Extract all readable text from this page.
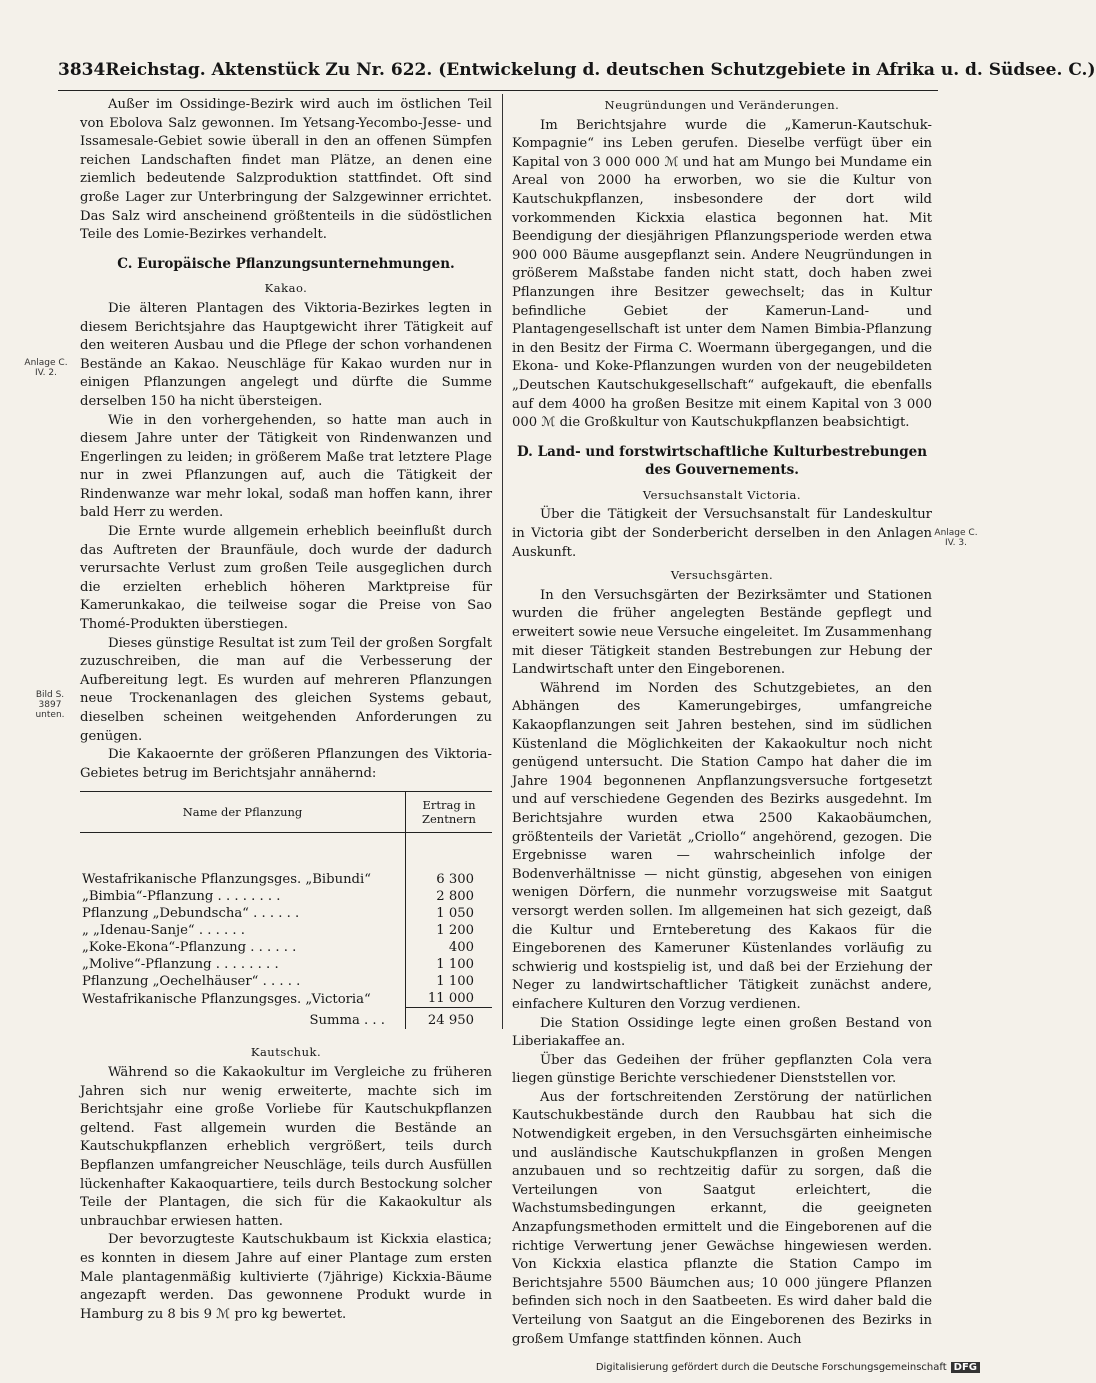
3834 Reichstag. Aktenstück Zu Nr. 622. (Entwickelung d. deutschen Schutzgebiete in Afrika u. d. Südsee. C.)
Anlage C. IV. 2.
Bild S. 3897 unten.
Anlage C. IV. 3.

Außer im Ossidinge-Bezirk wird auch im östlichen Teil von Ebolova Salz gewonnen. Im Yetsang-Yecombo-Jesse- und Issamesale-Gebiet sowie überall in den an offenen Sümpfen reichen Landschaften findet man Plätze, an denen eine ziemlich bedeutende Salzproduktion stattfindet. Oft sind große Lager zur Unterbringung der Salzgewinner errichtet. Das Salz wird anscheinend größtenteils in die südöstlichen Teile des Lomie-Bezirkes verhandelt.

C. Europäische Pflanzungsunternehmungen.
Kakao.

Die älteren Plantagen des Viktoria-Bezirkes legten in diesem Berichtsjahre das Hauptgewicht ihrer Tätigkeit auf den weiteren Ausbau und die Pflege der schon vorhandenen Bestände an Kakao. Neuschläge für Kakao wurden nur in einigen Pflanzungen angelegt und dürfte die Summe derselben 150 ha nicht übersteigen.

Wie in den vorhergehenden, so hatte man auch in diesem Jahre unter der Tätigkeit von Rindenwanzen und Engerlingen zu leiden; in größerem Maße trat letztere Plage nur in zwei Pflanzungen auf, auch die Tätigkeit der Rindenwanze war mehr lokal, sodaß man hoffen kann, ihrer bald Herr zu werden.

Die Ernte wurde allgemein erheblich beeinflußt durch das Auftreten der Braunfäule, doch wurde der dadurch verursachte Verlust zum großen Teile ausgeglichen durch die erzielten erheblich höheren Marktpreise für Kamerunkakao, die teilweise sogar die Preise von Sao Thomé-Produkten überstiegen.

Dieses günstige Resultat ist zum Teil der großen Sorgfalt zuzuschreiben, die man auf die Verbesserung der Aufbereitung legt. Es wurden auf mehreren Pflanzungen neue Trockenanlagen des gleichen Systems gebaut, dieselben scheinen weitgehenden Anforderungen zu genügen.

Die Kakaoernte der größeren Pflanzungen des Viktoria-Gebietes betrug im Berichtsjahr annähernd:

Name der Pflanzung	Ertrag in Zentnern

Westafrikanische Pflanzungsges. „Bibundi“	6 300
„Bimbia“-Pflanzung . . . . . . . .	2 800
Pflanzung „Debundscha“ . . . . . .	1 050
„ „Idenau-Sanje“ . . . . . .	1 200
„Koke-Ekona“-Pflanzung . . . . . .	400
„Molive“-Pflanzung . . . . . . . .	1 100
Pflanzung „Oechelhäuser“ . . . . .	1 100
Westafrikanische Pflanzungsges. „Victoria“	11 000
Summa . . .	24 950
Kautschuk.

Während so die Kakaokultur im Vergleiche zu früheren Jahren sich nur wenig erweiterte, machte sich im Berichtsjahr eine große Vorliebe für Kautschukpflanzen geltend. Fast allgemein wurden die Bestände an Kautschukpflanzen erheblich vergrößert, teils durch Bepflanzen umfangreicher Neuschläge, teils durch Ausfüllen lückenhafter Kakaoquartiere, teils durch Bestockung solcher Teile der Plantagen, die sich für die Kakaokultur als unbrauchbar erwiesen hatten.

Der bevorzugteste Kautschukbaum ist Kickxia elastica; es konnten in diesem Jahre auf einer Plantage zum ersten Male plantagenmäßig kultivierte (7jährige) Kickxia-Bäume angezapft werden. Das gewonnene Produkt wurde in Hamburg zu 8 bis 9 ℳ pro kg bewertet.

Neugründungen und Veränderungen.

Im Berichtsjahre wurde die „Kamerun-Kautschuk-Kompagnie“ ins Leben gerufen. Dieselbe verfügt über ein Kapital von 3 000 000 ℳ und hat am Mungo bei Mundame ein Areal von 2000 ha erworben, wo sie die Kultur von Kautschukpflanzen, insbesondere der dort wild vorkommenden Kickxia elastica begonnen hat. Mit Beendigung der diesjährigen Pflanzungsperiode werden etwa 900 000 Bäume ausgepflanzt sein. Andere Neugründungen in größerem Maßstabe fanden nicht statt, doch haben zwei Pflanzungen ihre Besitzer gewechselt; das in Kultur befindliche Gebiet der Kamerun-Land- und Plantagengesellschaft ist unter dem Namen Bimbia-Pflanzung in den Besitz der Firma C. Woermann übergegangen, und die Ekona- und Koke-Pflanzungen wurden von der neugebildeten „Deutschen Kautschukgesellschaft“ aufgekauft, die ebenfalls auf dem 4000 ha großen Besitze mit einem Kapital von 3 000 000 ℳ die Großkultur von Kautschukpflanzen beabsichtigt.

D. Land- und forstwirtschaftliche Kulturbestrebungen des Gouvernements.
Versuchsanstalt Victoria.

Über die Tätigkeit der Versuchsanstalt für Landeskultur in Victoria gibt der Sonderbericht derselben in den Anlagen Auskunft.

Versuchsgärten.

In den Versuchsgärten der Bezirksämter und Stationen wurden die früher angelegten Bestände gepflegt und erweitert sowie neue Versuche eingeleitet. Im Zusammenhang mit dieser Tätigkeit standen Bestrebungen zur Hebung der Landwirtschaft unter den Eingeborenen.

Während im Norden des Schutzgebietes, an den Abhängen des Kamerungebirges, umfangreiche Kakaopflanzungen seit Jahren bestehen, sind im südlichen Küstenland die Möglichkeiten der Kakaokultur noch nicht genügend untersucht. Die Station Campo hat daher die im Jahre 1904 begonnenen Anpflanzungsversuche fortgesetzt und auf verschiedene Gegenden des Bezirks ausgedehnt. Im Berichtsjahre wurden etwa 2500 Kakaobäumchen, größtenteils der Varietät „Criollo“ angehörend, gezogen. Die Ergebnisse waren — wahrscheinlich infolge der Bodenverhältnisse — nicht günstig, abgesehen von einigen wenigen Dörfern, die nunmehr vorzugsweise mit Saatgut versorgt werden sollen. Im allgemeinen hat sich gezeigt, daß die Kultur und Ernteberetung des Kakaos für die Eingeborenen des Kameruner Küstenlandes vorläufig zu schwierig und kostspielig ist, und daß bei der Erziehung der Neger zu landwirtschaftlicher Tätigkeit zunächst andere, einfachere Kulturen den Vorzug verdienen.

Die Station Ossidinge legte einen großen Bestand von Liberiakaffee an.

Über das Gedeihen der früher gepflanzten Cola vera liegen günstige Berichte verschiedener Dienststellen vor.

Aus der fortschreitenden Zerstörung der natürlichen Kautschukbestände durch den Raubbau hat sich die Notwendigkeit ergeben, in den Versuchsgärten einheimische und ausländische Kautschukpflanzen in großen Mengen anzubauen und so rechtzeitig dafür zu sorgen, daß die Verteilungen von Saatgut erleichtert, die Wachstumsbedingungen erkannt, die geeigneten Anzapfungsmethoden ermittelt und die Eingeborenen auf die richtige Verwertung jener Gewächse hingewiesen werden. Von Kickxia elastica pflanzte die Station Campo im Berichtsjahre 5500 Bäumchen aus; 10 000 jüngere Pflanzen befinden sich noch in den Saatbeeten. Es wird daher bald die Verteilung von Saatgut an die Eingeborenen des Bezirks in großem Umfange stattfinden können. Auch

Digitalisierung gefördert durch die Deutsche Forschungsgemeinschaft DFG
